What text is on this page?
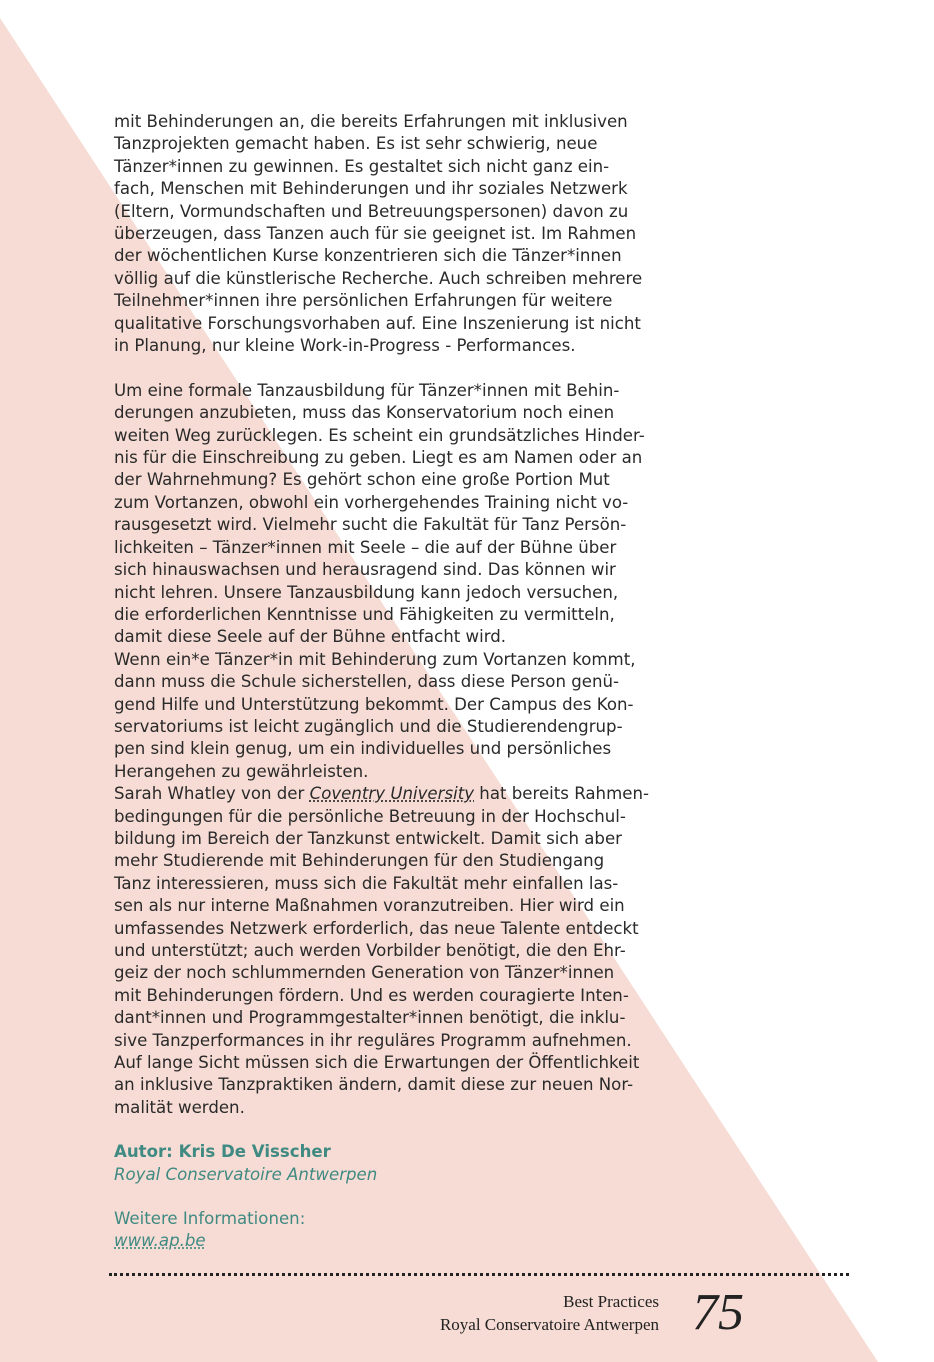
mit Behinderungen an, die bereits Erfahrungen mit inklusiven
Tanzprojekten gemacht haben. Es ist sehr schwierig, neue
Tänzer*innen zu gewinnen. Es gestaltet sich nicht ganz ein-
fach, Menschen mit Behinderungen und ihr soziales Netzwerk
(Eltern, Vormundschaften und Betreuungspersonen) davon zu
überzeugen, dass Tanzen auch für sie geeignet ist. Im Rahmen
der wöchentlichen Kurse konzentrieren sich die Tänzer*innen
völlig auf die künstlerische Recherche. Auch schreiben mehrere
Teilnehmer*innen ihre persönlichen Erfahrungen für weitere
qualitative Forschungsvorhaben auf. Eine Inszenierung ist nicht
in Planung, nur kleine Work-in-Progress - Performances.

Um eine formale Tanzausbildung für Tänzer*innen mit Behin-
derungen anzubieten, muss das Konservatorium noch einen
weiten Weg zurücklegen. Es scheint ein grundsätzliches Hinder-
nis für die Einschreibung zu geben. Liegt es am Namen oder an
der Wahrnehmung? Es gehört schon eine große Portion Mut
zum Vortanzen, obwohl ein vorhergehendes Training nicht vo-
rausgesetzt wird. Vielmehr sucht die Fakultät für Tanz Persön-
lichkeiten – Tänzer*innen mit Seele – die auf der Bühne über
sich hinauswachsen und herausragend sind. Das können wir
nicht lehren. Unsere Tanzausbildung kann jedoch versuchen,
die erforderlichen Kenntnisse und Fähigkeiten zu vermitteln,
damit diese Seele auf der Bühne entfacht wird.

Wenn ein*e Tänzer*in mit Behinderung zum Vortanzen kommt,
dann muss die Schule sicherstellen, dass diese Person genü-
gend Hilfe und Unterstützung bekommt. Der Campus des Kon-
servatoriums ist leicht zugänglich und die Studierendengrup-
pen sind klein genug, um ein individuelles und persönliches
Herangehen zu gewährleisten.

Sarah Whatley von der Coventry University hat bereits Rahmen-
bedingungen für die persönliche Betreuung in der Hochschul-
bildung im Bereich der Tanzkunst entwickelt. Damit sich aber
mehr Studierende mit Behinderungen für den Studiengang
Tanz interessieren, muss sich die Fakultät mehr einfallen las-
sen als nur interne Maßnahmen voranzutreiben. Hier wird ein
umfassendes Netzwerk erforderlich, das neue Talente entdeckt
und unterstützt; auch werden Vorbilder benötigt, die den Ehr-
geiz der noch schlummernden Generation von Tänzer*innen
mit Behinderungen fördern. Und es werden couragierte Inten-
dant*innen und Programmgestalter*innen benötigt, die inklu-
sive Tanzperformances in ihr reguläres Programm aufnehmen.
Auf lange Sicht müssen sich die Erwartungen der Öffentlichkeit
an inklusive Tanzpraktiken ändern, damit diese zur neuen Nor-
malität werden.

Autor: Kris De Visscher
Royal Conservatoire Antwerpen
Weitere Informationen:
www.ap.be
Best Practices
Royal Conservatoire Antwerpen 75
